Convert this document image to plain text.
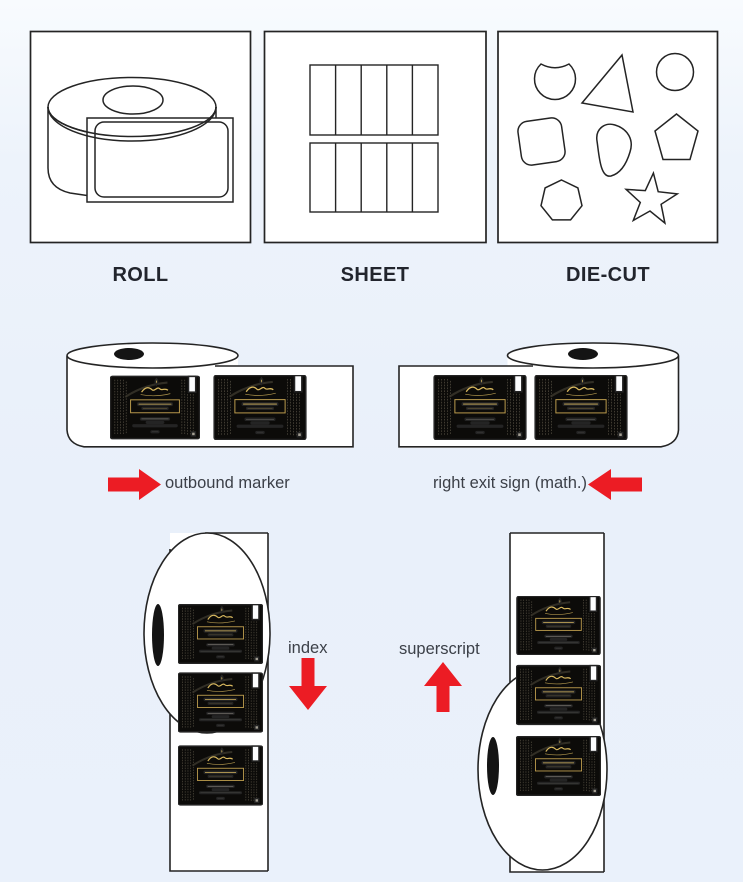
ROLL	SHEET	DIE-CUT
outbound marker	right exit sign (math.)
index	superscript
